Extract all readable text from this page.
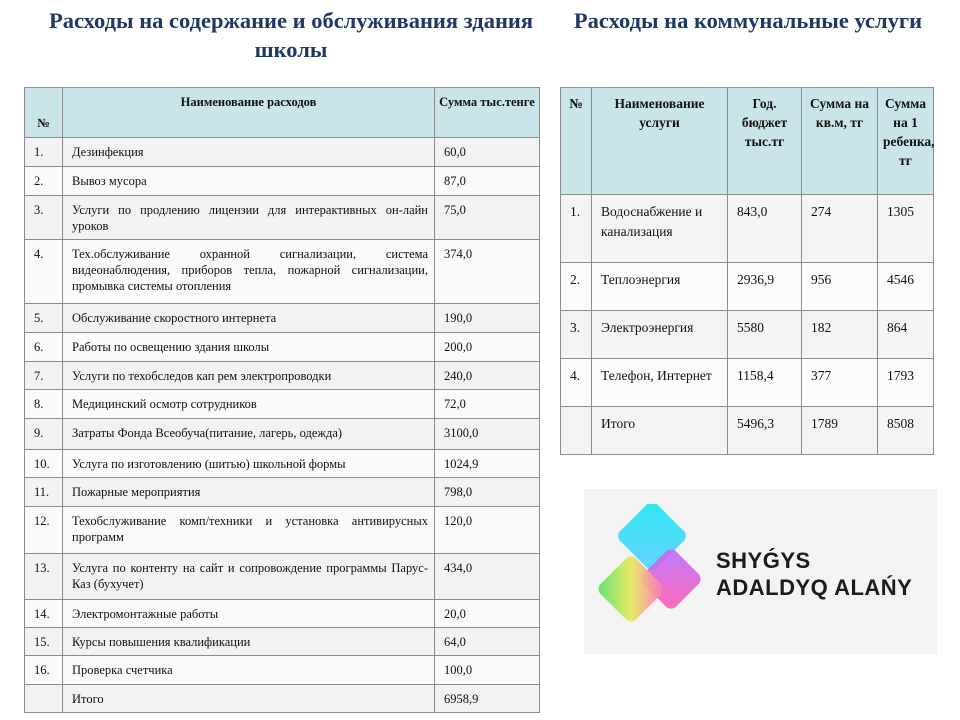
Расходы на содержание и обслуживания здания школы
Расходы на коммунальные услуги
№	Наименование расходов	Сумма тыс.тенге
1.	Дезинфекция	60,0
2.	Вывоз мусора	87,0
3.	Услуги по продлению лицензии для интерактивных он-лайн уроков	75,0
4.	Тех.обслуживание охранной сигнализации, система видеонаблюдения, приборов тепла, пожарной сигнализации, промывка системы отопления	374,0
5.	Обслуживание скоростного интернета	190,0
6.	Работы по освещению здания школы	200,0
7.	Услуги по техобследов кап рем электропроводки	240,0
8.	Медицинский осмотр сотрудников	72,0
9.	Затраты Фонда Всеобуча(питание, лагерь, одежда)	3100,0
10.	Услуга по изготовлению (шитью) школьной формы	1024,9
11.	Пожарные мероприятия	798,0
12.	Техобслуживание комп/техники и установка антивирусных программ	120,0
13.	Услуга по контенту на сайт и сопровождение программы Парус-Каз (бухучет)	434,0
14.	Электромонтажные работы	20,0
15.	Курсы повышения квалификации	64,0
16.	Проверка счетчика	100,0
	Итого	6958,9
№	Наименование услуги	Год. бюджет тыс.тг	Сумма на кв.м, тг	Сумма на 1 ребенка, тг
1.	Водоснабжение и канализация	843,0	274	1305
2.	Теплоэнергия	2936,9	956	4546
3.	Электроэнергия	5580	182	864
4.	Телефон, Интернет	1158,4	377	1793
	Итого	5496,3	1789	8508
SHYǴYS
ADALDYQ ALAŃY
